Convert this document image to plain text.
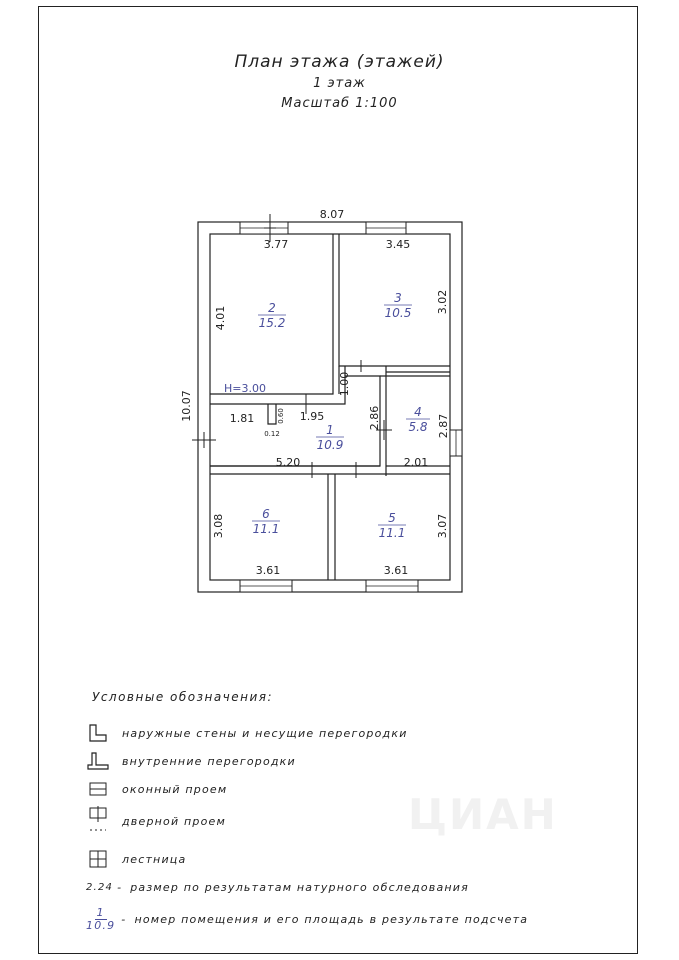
План этажа (этажей)
1 этаж
Масштаб 1:100
8.07
3.77	3.45
10.07
4.01
3.02
1.00
H=3.00
1.81	0.60 1.95
0.12
2.86	2.87
5.20	2.01
3.08	3.07
3.61	3.61
2
15.2
3
10.5
1
10.9
4
5.8
6
11.1
5
11.1
ЦИАН
Условные обозначения:
наружные стены и несущие перегородки
внутренние перегородки
оконный проем
дверной проем
лестница
2.24 - размер по результатам натурного обследования
$\frac{1}{10.9}$ - номер помещения и его площадь в результате подсчета
